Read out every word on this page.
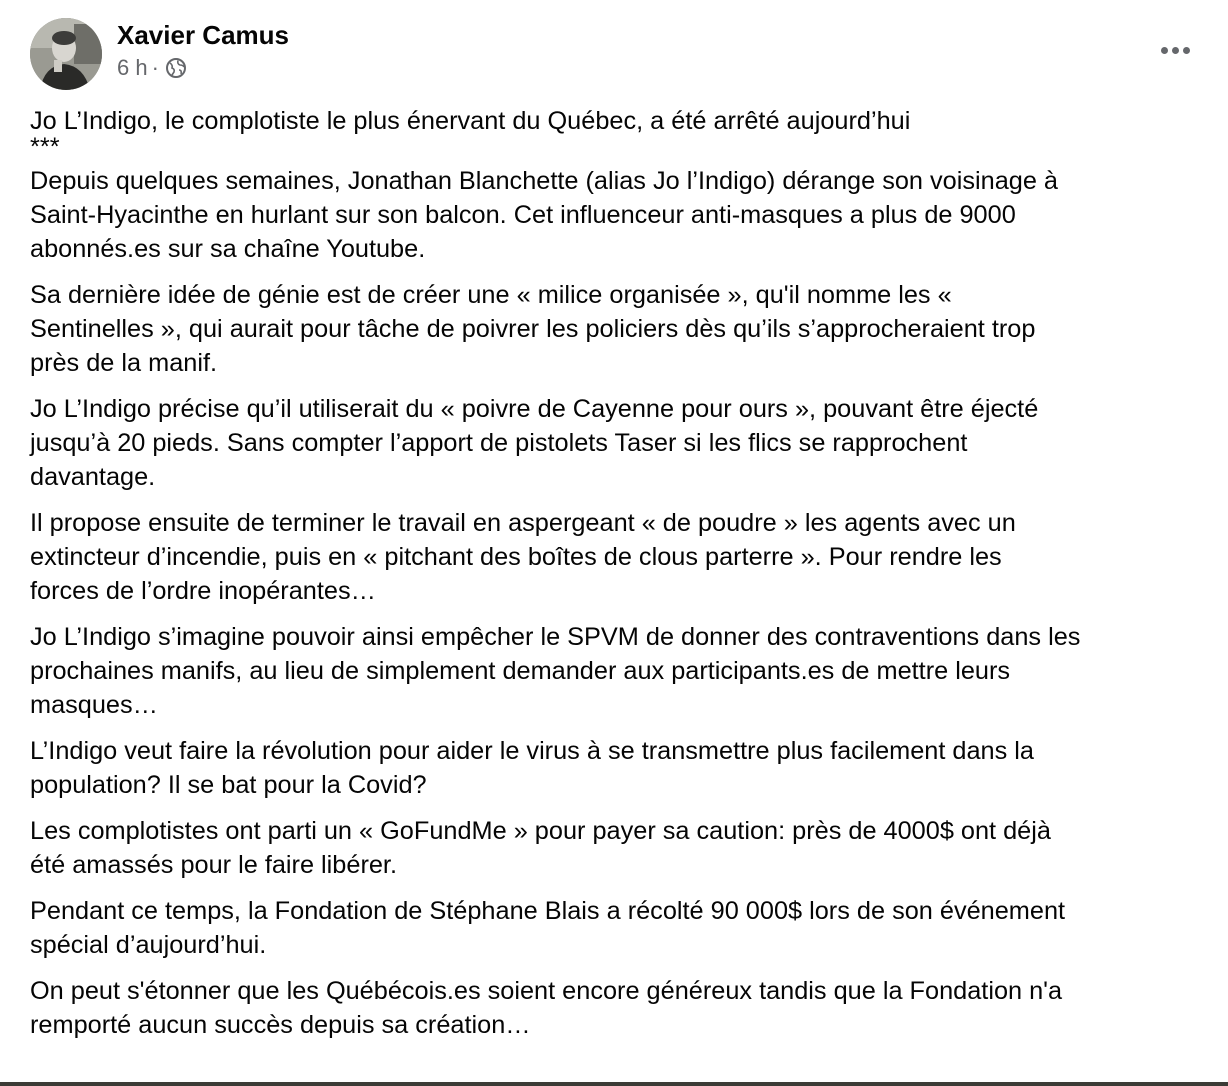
Xavier Camus
6 h ·

Jo L’Indigo, le complotiste le plus énervant du Québec, a été arrêté aujourd’hui

***

Depuis quelques semaines, Jonathan Blanchette (alias Jo l’Indigo) dérange son voisinage à
Saint-Hyacinthe en hurlant sur son balcon. Cet influenceur anti-masques a plus de 9000
abonnés.es sur sa chaîne Youtube.

Sa dernière idée de génie est de créer une « milice organisée », qu'il nomme les «
Sentinelles », qui aurait pour tâche de poivrer les policiers dès qu’ils s’approcheraient trop
près de la manif.

Jo L’Indigo précise qu’il utiliserait du « poivre de Cayenne pour ours », pouvant être éjecté
jusqu’à 20 pieds. Sans compter l’apport de pistolets Taser si les flics se rapprochent
davantage.

Il propose ensuite de terminer le travail en aspergeant « de poudre » les agents avec un
extincteur d’incendie, puis en « pitchant des boîtes de clous parterre ». Pour rendre les
forces de l’ordre inopérantes…

Jo L’Indigo s’imagine pouvoir ainsi empêcher le SPVM de donner des contraventions dans les
prochaines manifs, au lieu de simplement demander aux participants.es de mettre leurs
masques…

L’Indigo veut faire la révolution pour aider le virus à se transmettre plus facilement dans la
population? Il se bat pour la Covid?

Les complotistes ont parti un « GoFundMe » pour payer sa caution: près de 4000$ ont déjà
été amassés pour le faire libérer.

Pendant ce temps, la Fondation de Stéphane Blais a récolté 90 000$ lors de son événement
spécial d’aujourd’hui.

On peut s'étonner que les Québécois.es soient encore généreux tandis que la Fondation n'a
remporté aucun succès depuis sa création…
